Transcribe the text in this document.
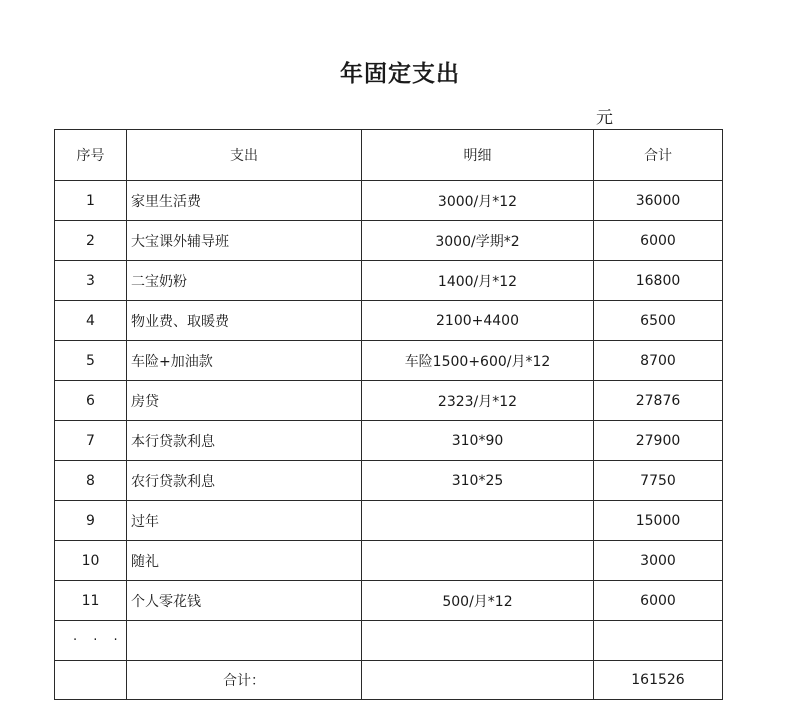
年固定支出
元
序号	支出	明细	合计
1	家里生活费	3000/月*12	36000
2	大宝课外辅导班	3000/学期*2	6000
3	二宝奶粉	1400/月*12	16800
4	物业费、取暖费	2100+4400	6500
5	车险+加油款	车险1500+600/月*12	8700
6	房贷	2323/月*12	27876
7	本行贷款利息	310*90	27900
8	农行贷款利息	310*25	7750
9	过年		15000
10	随礼		3000
11	个人零花钱	500/月*12	6000
· · ·			
	合计：		161526
